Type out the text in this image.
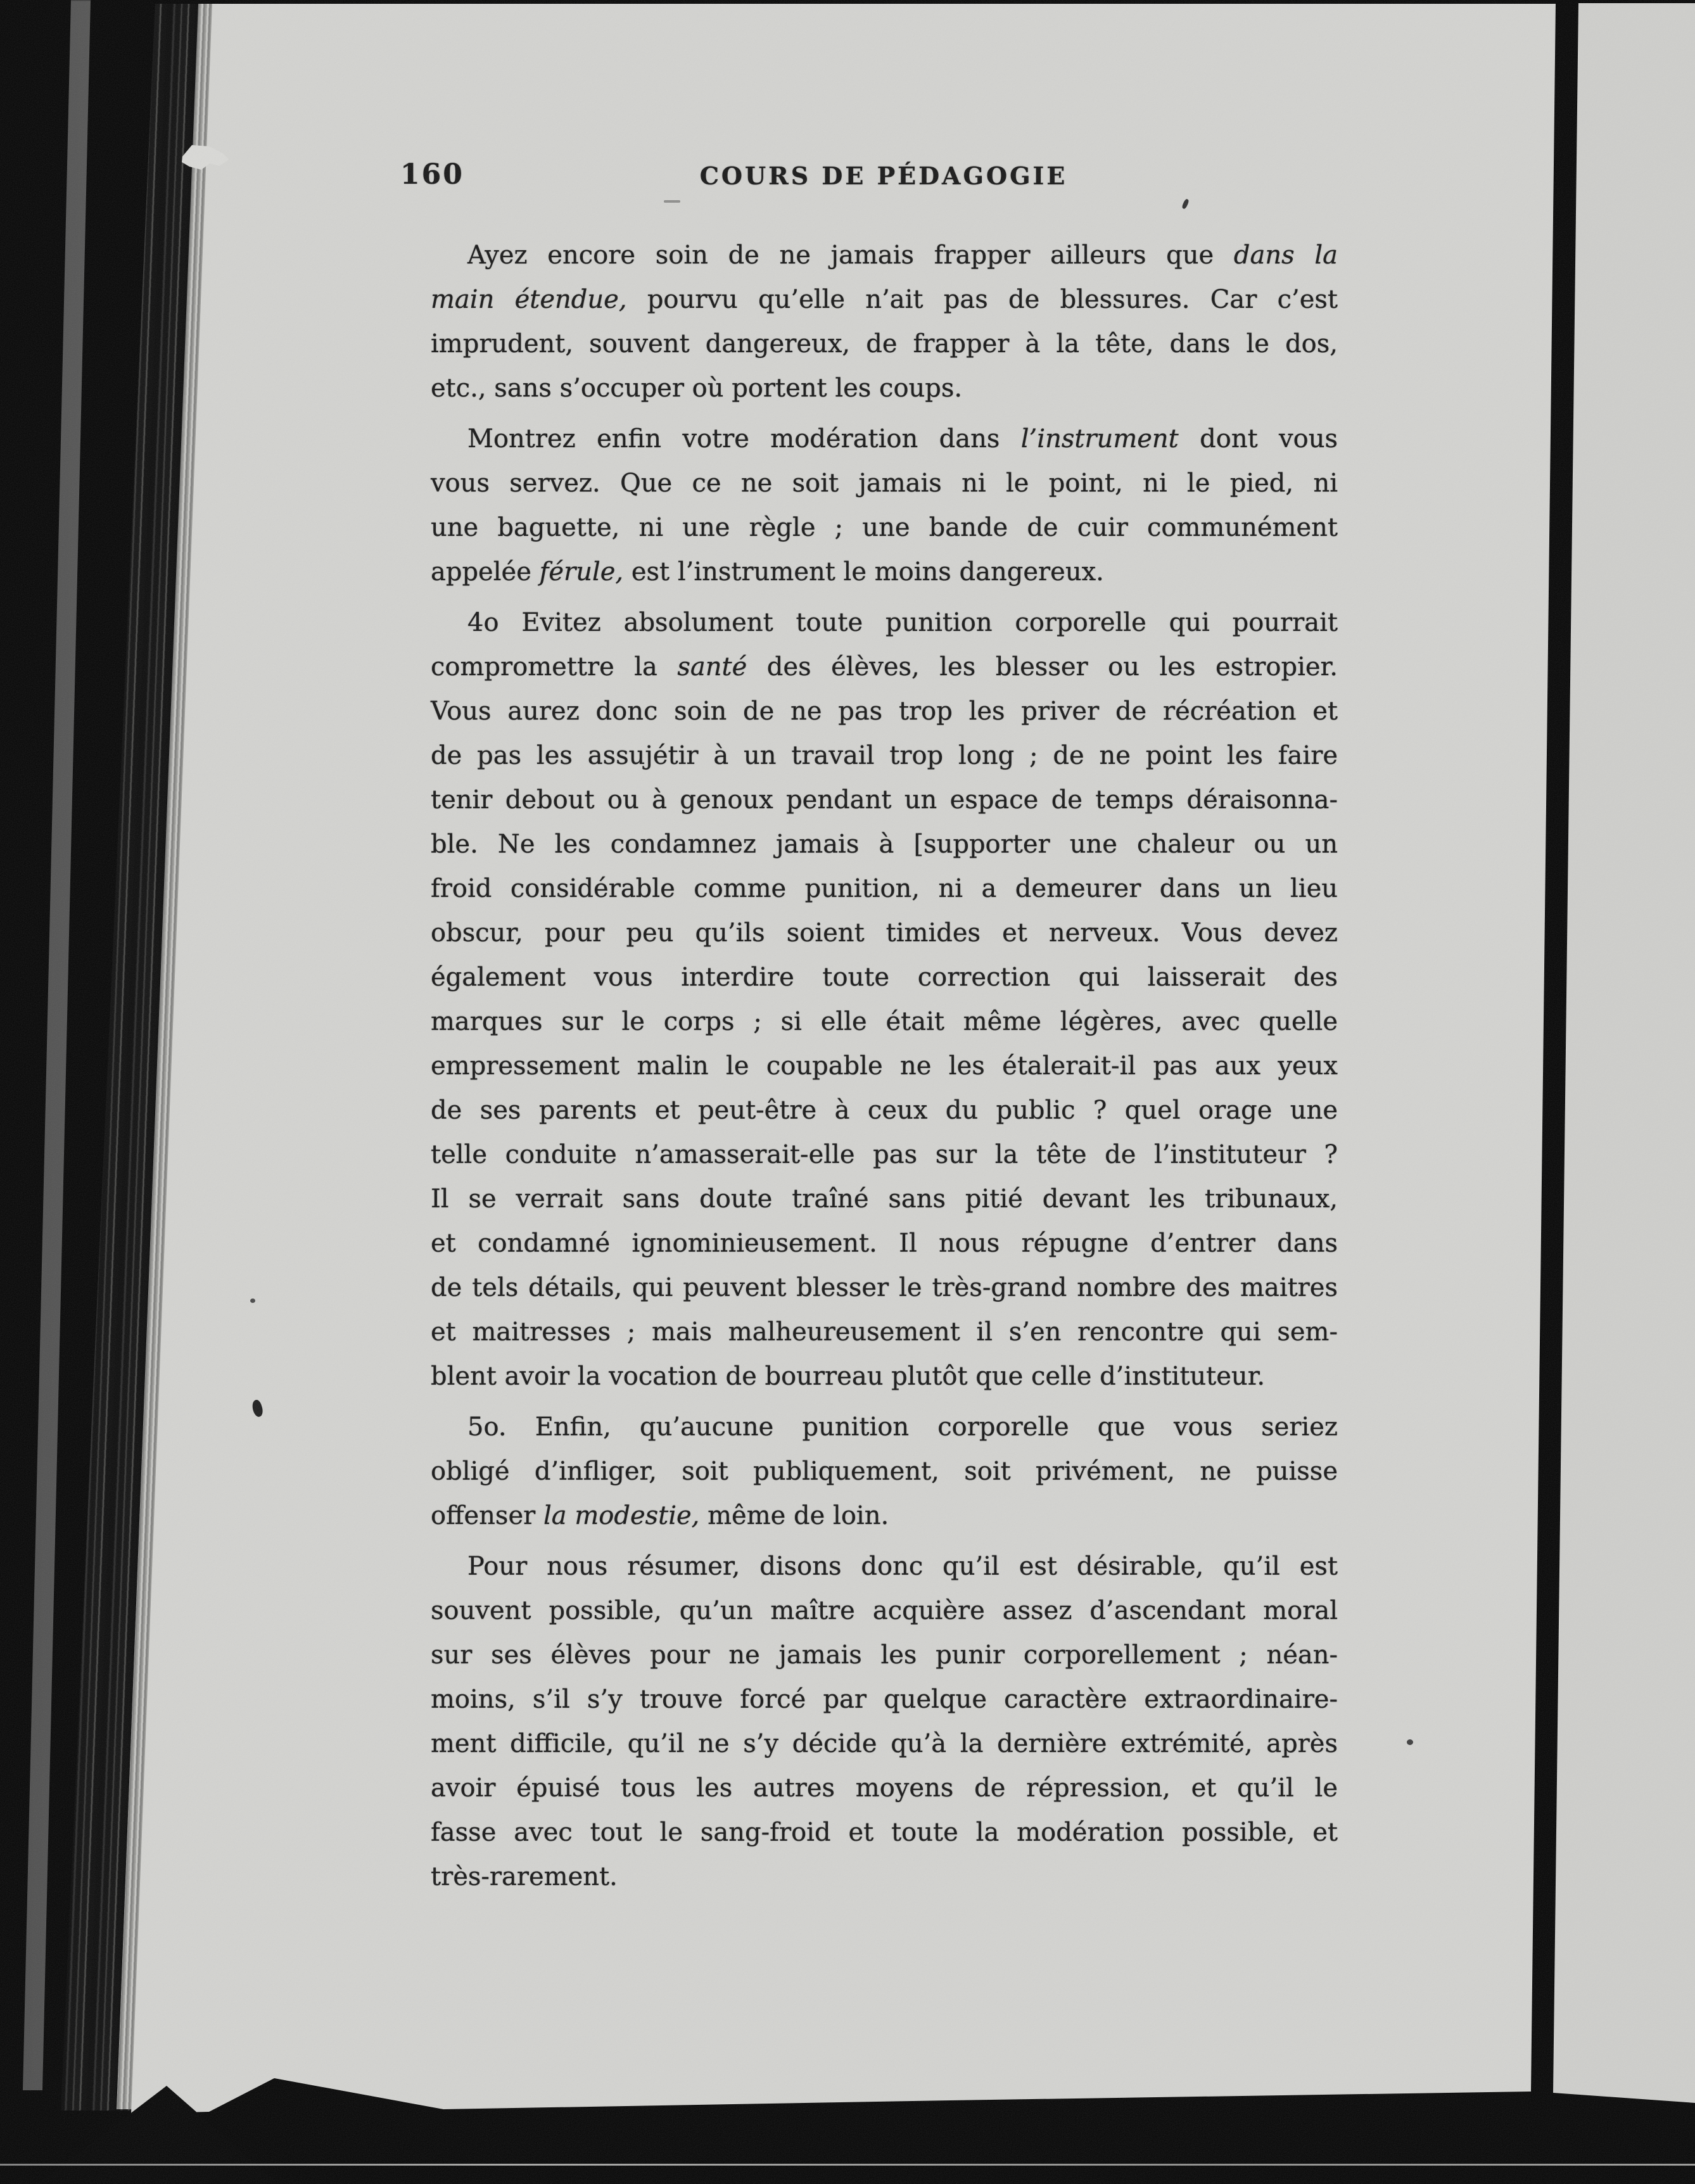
160	COURS DE PÉDAGOGIE
Ayez encore soin de ne jamais frapper ailleurs que dans la
main étendue, pourvu qu’elle n’ait pas de blessures. Car c’est
imprudent, souvent dangereux, de frapper à la tête, dans le dos,
etc., sans s’occuper où portent les coups.
Montrez enfin votre modération dans l’instrument dont vous
vous servez. Que ce ne soit jamais ni le point, ni le pied, ni
une baguette, ni une règle ; une bande de cuir communément
appelée férule, est l’instrument le moins dangereux.
4o Evitez absolument toute punition corporelle qui pourrait
compromettre la santé des élèves, les blesser ou les estropier.
Vous aurez donc soin de ne pas trop les priver de récréation et
de pas les assujétir à un travail trop long ; de ne point les faire
tenir debout ou à genoux pendant un espace de temps déraisonna-
ble. Ne les condamnez jamais à [supporter une chaleur ou un
froid considérable comme punition, ni a demeurer dans un lieu
obscur, pour peu qu’ils soient timides et nerveux. Vous devez
également vous interdire toute correction qui laisserait des
marques sur le corps ; si elle était même légères, avec quelle
empressement malin le coupable ne les étalerait-il pas aux yeux
de ses parents et peut-être à ceux du public ? quel orage une
telle conduite n’amasserait-elle pas sur la tête de l’instituteur ?
Il se verrait sans doute traîné sans pitié devant les tribunaux,
et condamné ignominieusement. Il nous répugne d’entrer dans
de tels détails, qui peuvent blesser le très-grand nombre des maitres
et maitresses ; mais malheureusement il s’en rencontre qui sem-
blent avoir la vocation de bourreau plutôt que celle d’instituteur.
5o. Enfin, qu’aucune punition corporelle que vous seriez
obligé d’infliger, soit publiquement, soit privément, ne puisse
offenser la modestie, même de loin.
Pour nous résumer, disons donc qu’il est désirable, qu’il est
souvent possible, qu’un maître acquière assez d’ascendant moral
sur ses élèves pour ne jamais les punir corporellement ; néan-
moins, s’il s’y trouve forcé par quelque caractère extraordinaire-
ment difficile, qu’il ne s’y décide qu’à la dernière extrémité, après
avoir épuisé tous les autres moyens de répression, et qu’il le
fasse avec tout le sang-froid et toute la modération possible, et
très-rarement.
